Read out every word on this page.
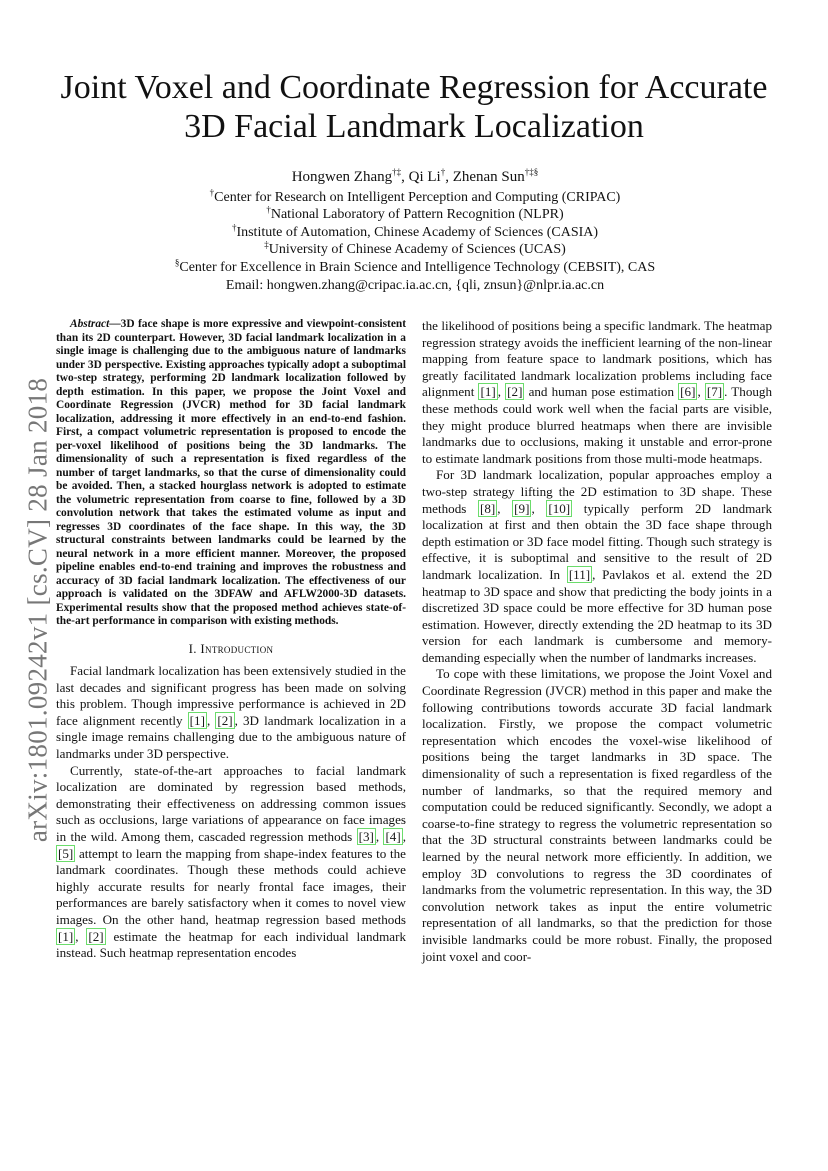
arXiv:1801.09242v1 [cs.CV] 28 Jan 2018
Joint Voxel and Coordinate Regression for Accurate
3D Facial Landmark Localization
Hongwen Zhang†‡, Qi Li†, Zhenan Sun†‡§
†Center for Research on Intelligent Perception and Computing (CRIPAC)
†National Laboratory of Pattern Recognition (NLPR)
†Institute of Automation, Chinese Academy of Sciences (CASIA)
‡University of Chinese Academy of Sciences (UCAS)
§Center for Excellence in Brain Science and Intelligence Technology (CEBSIT), CAS
Email: hongwen.zhang@cripac.ia.ac.cn, {qli, znsun}@nlpr.ia.ac.cn

Abstract—3D face shape is more expressive and viewpoint-consistent than its 2D counterpart. However, 3D facial landmark localization in a single image is challenging due to the ambiguous nature of landmarks under 3D perspective. Existing approaches typically adopt a suboptimal two-step strategy, performing 2D landmark localization followed by depth estimation. In this paper, we propose the Joint Voxel and Coordinate Regression (JVCR) method for 3D facial landmark localization, addressing it more effectively in an end-to-end fashion. First, a compact volumetric representation is proposed to encode the per-voxel likelihood of positions being the 3D landmarks. The dimensionality of such a representation is fixed regardless of the number of target landmarks, so that the curse of dimensionality could be avoided. Then, a stacked hourglass network is adopted to estimate the volumetric representation from coarse to fine, followed by a 3D convolution network that takes the estimated volume as input and regresses 3D coordinates of the face shape. In this way, the 3D structural constraints between landmarks could be learned by the neural network in a more efficient manner. Moreover, the proposed pipeline enables end-to-end training and improves the robustness and accuracy of 3D facial landmark localization. The effectiveness of our approach is validated on the 3DFAW and AFLW2000-3D datasets. Experimental results show that the proposed method achieves state-of-the-art performance in comparison with existing methods.

I. Introduction

Facial landmark localization has been extensively studied in the last decades and significant progress has been made on solving this problem. Though impressive performance is achieved in 2D face alignment recently [1] , [2] , 3D landmark localization in a single image remains challenging due to the ambiguous nature of landmarks under 3D perspective.

Currently, state-of-the-art approaches to facial landmark localization are dominated by regression based methods, demonstrating their effectiveness on addressing common issues such as occlusions, large variations of appearance on face images in the wild. Among them, cascaded regression methods [3] , [4] , [5] attempt to learn the mapping from shape-index features to the landmark coordinates. Though these methods could achieve highly accurate results for nearly frontal face images, their performances are barely satisfactory when it comes to novel view images. On the other hand, heatmap regression based methods [1] , [2] estimate the heatmap for each individual landmark instead. Such heatmap representation encodes

the likelihood of positions being a specific landmark. The heatmap regression strategy avoids the inefficient learning of the non-linear mapping from feature space to landmark positions, which has greatly facilitated landmark localization problems including face alignment [1] , [2] and human pose estimation [6] , [7] . Though these methods could work well when the facial parts are visible, they might produce blurred heatmaps when there are invisible landmarks due to occlusions, making it unstable and error-prone to estimate landmark positions from those multi-mode heatmaps.

For 3D landmark localization, popular approaches employ a two-step strategy lifting the 2D estimation to 3D shape. These methods [8] , [9] , [10] typically perform 2D landmark localization at first and then obtain the 3D face shape through depth estimation or 3D face model fitting. Though such strategy is effective, it is suboptimal and sensitive to the result of 2D landmark localization. In [11] , Pavlakos et al. extend the 2D heatmap to 3D space and show that predicting the body joints in a discretized 3D space could be more effective for 3D human pose estimation. However, directly extending the 2D heatmap to its 3D version for each landmark is cumbersome and memory-demanding especially when the number of landmarks increases.

To cope with these limitations, we propose the Joint Voxel and Coordinate Regression (JVCR) method in this paper and make the following contributions towords accurate 3D facial landmark localization. Firstly, we propose the compact volumetric representation which encodes the voxel-wise likelihood of positions being the target landmarks in 3D space. The dimensionality of such a representation is fixed regardless of the number of landmarks, so that the required memory and computation could be reduced significantly. Secondly, we adopt a coarse-to-fine strategy to regress the volumetric representation so that the 3D structural constraints between landmarks could be learned by the neural network more efficiently. In addition, we employ 3D convolutions to regress the 3D coordinates of landmarks from the volumetric representation. In this way, the 3D convolution network takes as input the entire volumetric representation of all landmarks, so that the prediction for those invisible landmarks could be more robust. Finally, the proposed joint voxel and coor-
